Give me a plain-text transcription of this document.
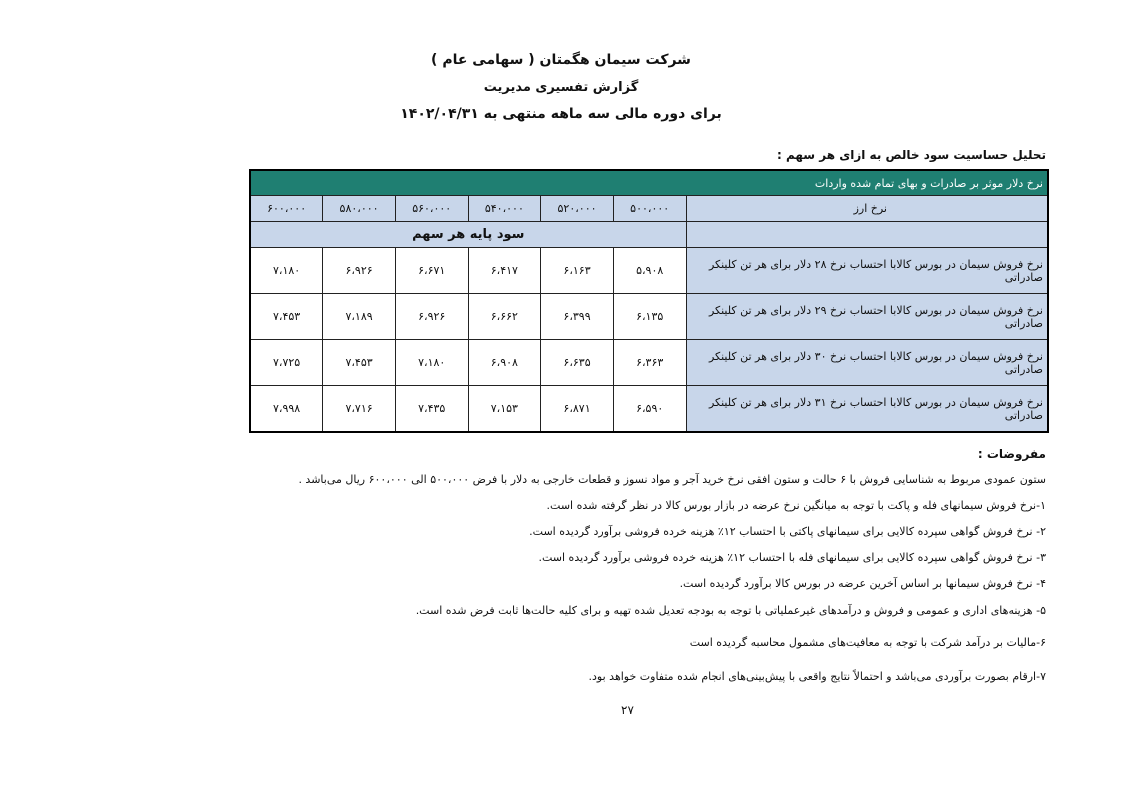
شرکت سیمان هگمتان ( سهامی عام )
گزارش تفسیری مدیریت
برای دوره مالی سه ماهه منتهی به ۱۴۰۲/۰۴/۳۱
تحلیل حساسیت سود خالص به ازای هر سهم :
نرخ دلار موثر بر صادرات و بهای تمام شده واردات						
نرخ ارز	۵۰۰،۰۰۰	۵۲۰،۰۰۰	۵۴۰،۰۰۰	۵۶۰،۰۰۰	۵۸۰،۰۰۰	۶۰۰،۰۰۰
	سود پایه هر سهم					
نرخ فروش سیمان در بورس کالابا احتساب نرخ ۲۸ دلار برای هر تن کلینکر صادراتی	۵،۹۰۸	۶،۱۶۳	۶،۴۱۷	۶،۶۷۱	۶،۹۲۶	۷،۱۸۰
نرخ فروش سیمان در بورس کالابا احتساب نرخ ۲۹ دلار برای هر تن کلینکر صادراتی	۶،۱۳۵	۶،۳۹۹	۶،۶۶۲	۶،۹۲۶	۷،۱۸۹	۷،۴۵۳
نرخ فروش سیمان در بورس کالابا احتساب نرخ ۳۰ دلار برای هر تن کلینکر صادراتی	۶،۳۶۳	۶،۶۳۵	۶،۹۰۸	۷،۱۸۰	۷،۴۵۳	۷،۷۲۵
نرخ فروش سیمان در بورس کالابا احتساب نرخ ۳۱ دلار برای هر تن کلینکر صادراتی	۶،۵۹۰	۶،۸۷۱	۷،۱۵۳	۷،۴۳۵	۷،۷۱۶	۷،۹۹۸
مفروضات :
ستون عمودی مربوط به شناسایی فروش با ۶ حالت و ستون افقی نرخ خرید آجر و مواد نسوز و قطعات خارجی به دلار با فرض ۵۰۰،۰۰۰ الی ۶۰۰،۰۰۰ ریال می‌باشد .
۱-نرخ فروش سیمانهای فله و پاکت با توجه به میانگین نرخ عرضه در بازار بورس کالا در نظر گرفته شده است.
۲- نرخ فروش گواهی سپرده کالایی برای سیمانهای پاکتی با احتساب ۱۲٪ هزینه خرده فروشی برآورد گردیده است.
۳- نرخ فروش گواهی سپرده کالایی برای سیمانهای فله با احتساب ۱۲٪ هزینه خرده فروشی برآورد گردیده است.
۴- نرخ فروش سیمانها بر اساس آخرین عرضه در بورس کالا برآورد گردیده است.
۵- هزینه‌های اداری و عمومی و فروش و درآمدهای غیرعملیاتی با توجه به بودجه تعدیل شده تهیه و برای کلیه حالت‌ها ثابت فرض شده است.
۶-مالیات بر درآمد شرکت با توجه به معافیت‌های مشمول محاسبه گردیده است
۷-ارقام بصورت برآوردی می‌باشد و احتمالاً نتایج واقعی با پیش‌بینی‌های انجام شده متفاوت خواهد بود.
۲۷
